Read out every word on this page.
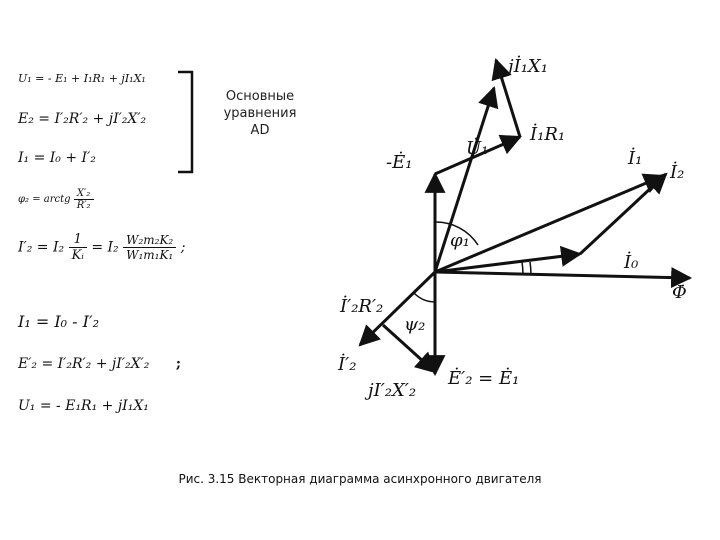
U₁ = - E₁ + I₁R₁ + jI₁X₁
E₂ = I′₂R′₂ + jI′₂X′₂
I₁ = I₀ + I′₂
φ₂ = arctg $\frac{\text{X′₂}}{\text{R′₂}}$
$I'_2 = I_2 \frac{1}{\text{Kᵢ}} = I_2 \frac{\text{W₂m₂K₂}}{\text{W₁m₁K₁}}$ ;
I₁ = I₀ - I′₂
E′₂ = I′₂R′₂ + jI′₂X′₂ ;
U₁ = - E₁R₁ + jI₁X₁
Основные уравнения AD
jİ₁X₁
İ₁R₁
U̇₁
-Ė₁	İ₁
İ₂
İ₀
Φ̇
φ₁
İ′₂R′₂
ψ₂
İ′₂
jI′₂X′₂
Ė′₂ = Ė₁
Рис. 3.15 Векторная диаграмма асинхронного двигателя
